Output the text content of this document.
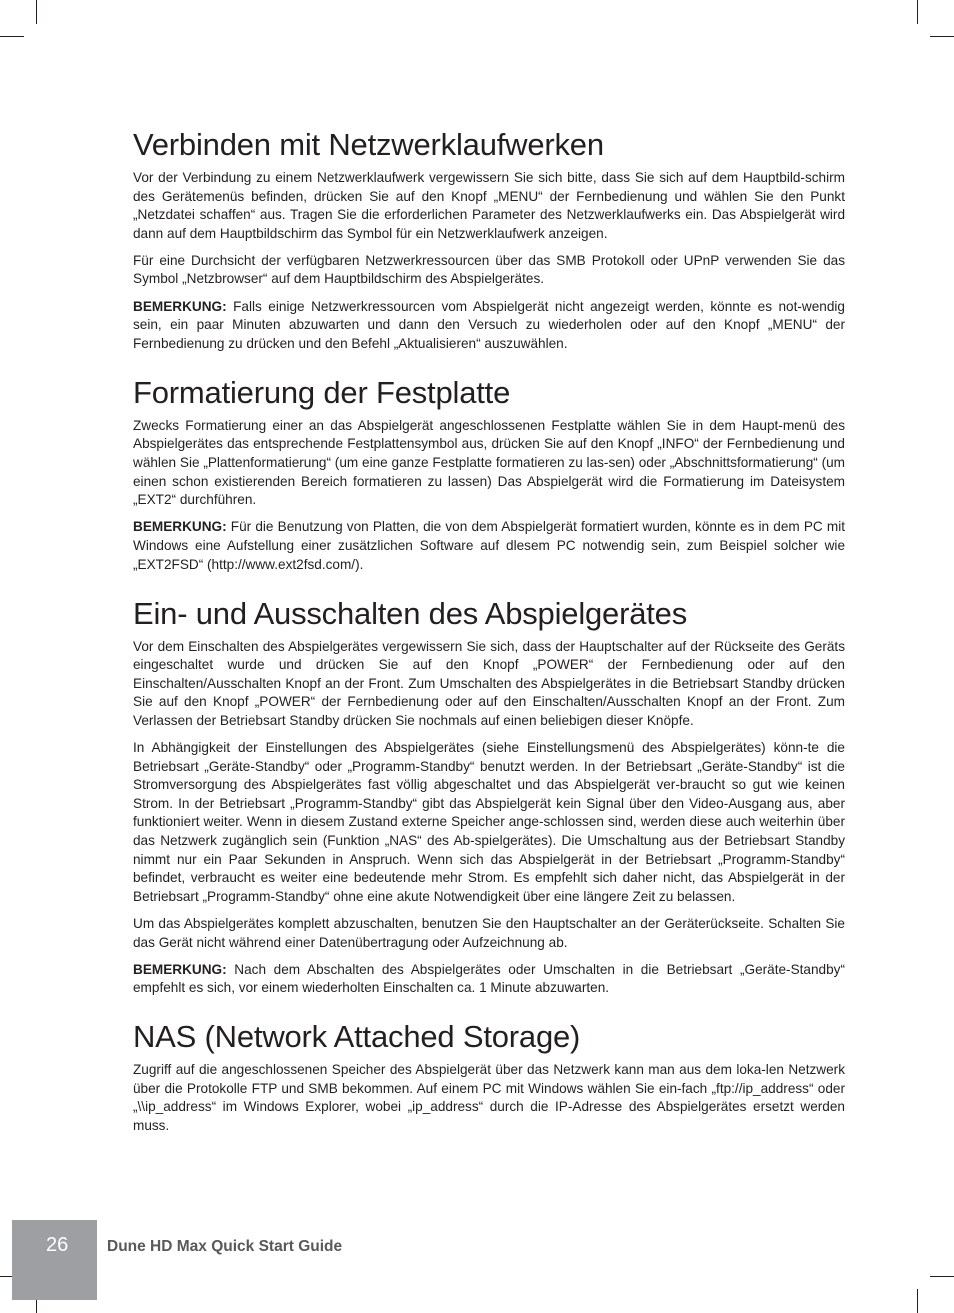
Verbinden mit Netzwerklaufwerken

Vor der Verbindung zu einem Netzwerklaufwerk vergewissern Sie sich bitte, dass Sie sich auf dem Hauptbild-schirm des Gerätemenüs befinden, drücken Sie auf den Knopf „MENU“ der Fernbedienung und wählen Sie den Punkt „Netzdatei schaffen“ aus. Tragen Sie die erforderlichen Parameter des Netzwerklaufwerks ein. Das Abspielgerät wird dann auf dem Hauptbildschirm das Symbol für ein Netzwerklaufwerk anzeigen.

Für eine Durchsicht der verfügbaren Netzwerkressourcen über das SMB Protokoll oder UPnP verwenden Sie das Symbol „Netzbrowser“ auf dem Hauptbildschirm des Abspielgerätes.

BEMERKUNG: Falls einige Netzwerkressourcen vom Abspielgerät nicht angezeigt werden, könnte es not-wendig sein, ein paar Minuten abzuwarten und dann den Versuch zu wiederholen oder auf den Knopf „MENU“ der Fernbedienung zu drücken und den Befehl „Aktualisieren“ auszuwählen.

Formatierung der Festplatte

Zwecks Formatierung einer an das Abspielgerät angeschlossenen Festplatte wählen Sie in dem Haupt-menü des Abspielgerätes das entsprechende Festplattensymbol aus, drücken Sie auf den Knopf „INFO“ der Fernbedienung und wählen Sie „Plattenformatierung“ (um eine ganze Festplatte formatieren zu las-sen) oder „Abschnittsformatierung“ (um einen schon existierenden Bereich formatieren zu lassen) Das Abspielgerät wird die Formatierung im Dateisystem „EXT2“ durchführen.

BEMERKUNG: Für die Benutzung von Platten, die von dem Abspielgerät formatiert wurden, könnte es in dem PC mit Windows eine Aufstellung einer zusätzlichen Software auf dlesem PC notwendig sein, zum Beispiel solcher wie „EXT2FSD“ (http://www.ext2fsd.com/).

Ein- und Ausschalten des Abspielgerätes

Vor dem Einschalten des Abspielgerätes vergewissern Sie sich, dass der Hauptschalter auf der Rückseite des Geräts eingeschaltet wurde und drücken Sie auf den Knopf „POWER“ der Fernbedienung oder auf den Einschalten/Ausschalten Knopf an der Front. Zum Umschalten des Abspielgerätes in die Betriebsart Standby drücken Sie auf den Knopf „POWER“ der Fernbedienung oder auf den Einschalten/Ausschalten Knopf an der Front. Zum Verlassen der Betriebsart Standby drücken Sie nochmals auf einen beliebigen dieser Knöpfe.

In Abhängigkeit der Einstellungen des Abspielgerätes (siehe Einstellungsmenü des Abspielgerätes) könn-te die Betriebsart „Geräte-Standby“ oder „Programm-Standby“ benutzt werden. In der Betriebsart „Geräte-Standby“ ist die Stromversorgung des Abspielgerätes fast völlig abgeschaltet und das Abspielgerät ver-braucht so gut wie keinen Strom. In der Betriebsart „Programm-Standby“ gibt das Abspielgerät kein Signal über den Video-Ausgang aus, aber funktioniert weiter. Wenn in diesem Zustand externe Speicher ange-schlossen sind, werden diese auch weiterhin über das Netzwerk zugänglich sein (Funktion „NAS“ des Ab-spielgerätes). Die Umschaltung aus der Betriebsart Standby nimmt nur ein Paar Sekunden in Anspruch. Wenn sich das Abspielgerät in der Betriebsart „Programm-Standby“ befindet, verbraucht es weiter eine bedeutende mehr Strom. Es empfehlt sich daher nicht, das Abspielgerät in der Betriebsart „Programm-Standby“ ohne eine akute Notwendigkeit über eine längere Zeit zu belassen.

Um das Abspielgerätes komplett abzuschalten, benutzen Sie den Hauptschalter an der Geräterückseite. Schalten Sie das Gerät nicht während einer Datenübertragung oder Aufzeichnung ab.

BEMERKUNG: Nach dem Abschalten des Abspielgerätes oder Umschalten in die Betriebsart „Geräte-Standby“ empfehlt es sich, vor einem wiederholten Einschalten ca. 1 Minute abzuwarten.

NAS (Network Attached Storage)

Zugriff auf die angeschlossenen Speicher des Abspielgerät über das Netzwerk kann man aus dem loka-len Netzwerk über die Protokolle FTP und SMB bekommen. Auf einem PC mit Windows wählen Sie ein-fach „ftp://ip_address“ oder „\\ip_address“ im Windows Explorer, wobei „ip_address“ durch die IP-Adresse des Abspielgerätes ersetzt werden muss.

26	Dune HD Max Quick Start Guide
